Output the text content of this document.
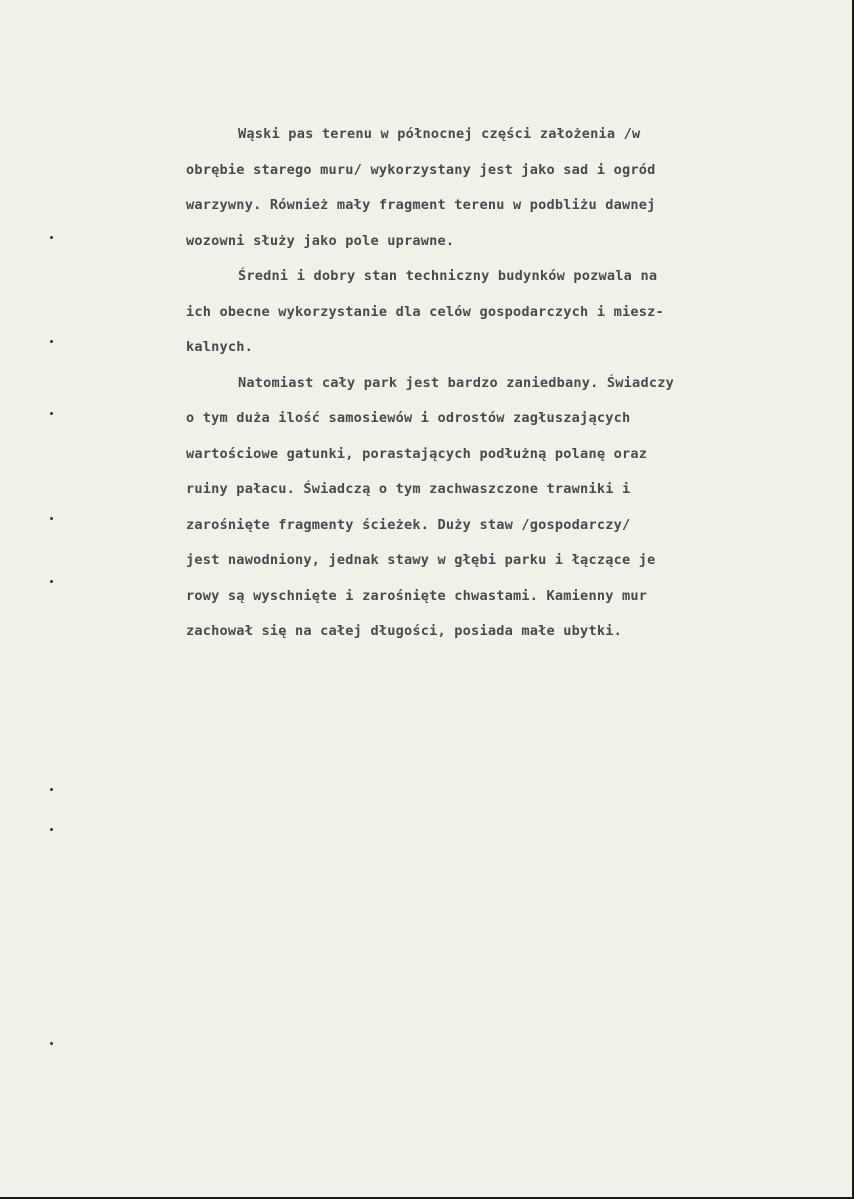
Wąski pas terenu w północnej części założenia /w
obrębie starego muru/ wykorzystany jest jako sad i ogród
warzywny. Również mały fragment terenu w podbliżu dawnej
wozowni służy jako pole uprawne.
Średni i dobry stan techniczny budynków pozwala na
ich obecne wykorzystanie dla celów gospodarczych i miesz-
kalnych.
Natomiast cały park jest bardzo zaniedbany. Świadczy
o tym duża ilość samosiewów i odrostów zagłuszających
wartościowe gatunki, porastających podłużną polanę oraz
ruiny pałacu. Świadczą o tym zachwaszczone trawniki i
zarośnięte fragmenty ścieżek. Duży staw /gospodarczy/
jest nawodniony, jednak stawy w głębi parku i łączące je
rowy są wyschnięte i zarośnięte chwastami. Kamienny mur
zachował się na całej długości, posiada małe ubytki.
